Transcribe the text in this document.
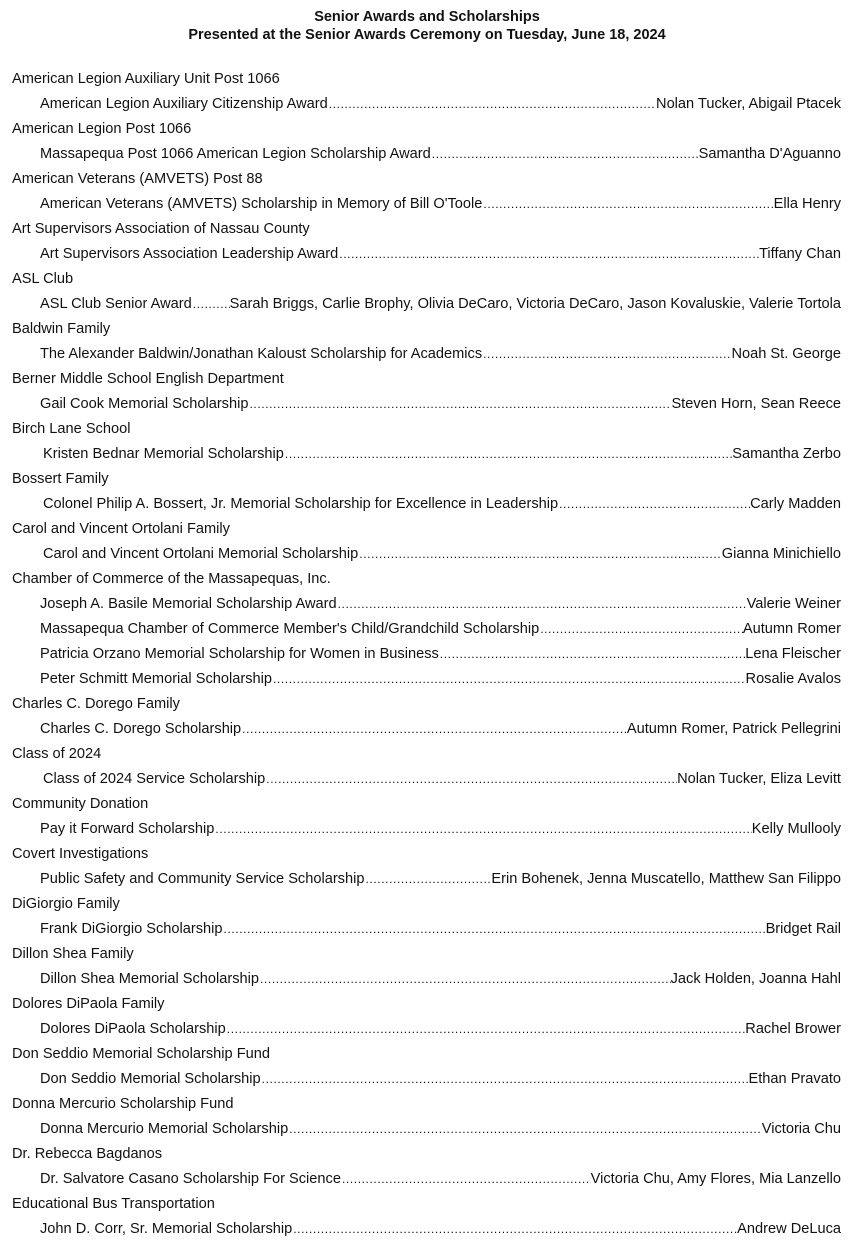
Senior Awards and Scholarships
Presented at the Senior Awards Ceremony on Tuesday, June 18, 2024
American Legion Auxiliary Unit Post 1066
American Legion Auxiliary Citizenship Award .....	Nolan Tucker, Abigail Ptacek
American Legion Post 1066
Massapequa Post 1066 American Legion Scholarship Award .....	Samantha D'Aguanno
American Veterans (AMVETS) Post 88
American Veterans (AMVETS) Scholarship in Memory of Bill O'Toole .....	Ella Henry
Art Supervisors Association of Nassau County
Art Supervisors Association Leadership Award .....	Tiffany Chan
ASL Club
ASL Club Senior Award .....	Sarah Briggs, Carlie Brophy, Olivia DeCaro, Victoria DeCaro, Jason Kovaluskie, Valerie Tortola
Baldwin Family
The Alexander Baldwin/Jonathan Kaloust Scholarship for Academics .....	Noah St. George
Berner Middle School English Department
Gail Cook Memorial Scholarship .....	Steven Horn, Sean Reece
Birch Lane School
Kristen Bednar Memorial Scholarship .....	Samantha Zerbo
Bossert Family
Colonel Philip A. Bossert, Jr. Memorial Scholarship for Excellence in Leadership .....	Carly Madden
Carol and Vincent Ortolani Family
Carol and Vincent Ortolani Memorial Scholarship .....	Gianna Minichiello
Chamber of Commerce of the Massapequas, Inc.
Joseph A. Basile Memorial Scholarship Award .....	Valerie Weiner
Massapequa Chamber of Commerce Member's Child/Grandchild Scholarship .....	Autumn Romer
Patricia Orzano Memorial Scholarship for Women in Business .....	Lena Fleischer
Peter Schmitt Memorial Scholarship .....	Rosalie Avalos
Charles C. Dorego Family
Charles C. Dorego Scholarship .....	Autumn Romer, Patrick Pellegrini
Class of 2024
Class of 2024 Service Scholarship .....	Nolan Tucker, Eliza Levitt
Community Donation
Pay it Forward Scholarship .....	Kelly Mullooly
Covert Investigations
Public Safety and Community Service Scholarship .....	Erin Bohenek, Jenna Muscatello, Matthew San Filippo
DiGiorgio Family
Frank DiGiorgio Scholarship .....	Bridget Rail
Dillon Shea Family
Dillon Shea Memorial Scholarship .....	Jack Holden, Joanna Hahl
Dolores DiPaola Family
Dolores DiPaola Scholarship .....	Rachel Brower
Don Seddio Memorial Scholarship Fund
Don Seddio Memorial Scholarship .....	Ethan Pravato
Donna Mercurio Scholarship Fund
Donna Mercurio Memorial Scholarship .....	Victoria Chu
Dr. Rebecca Bagdanos
Dr. Salvatore Casano Scholarship For Science .....	Victoria Chu, Amy Flores, Mia Lanzello
Educational Bus Transportation
John D. Corr, Sr. Memorial Scholarship .....	Andrew DeLuca
